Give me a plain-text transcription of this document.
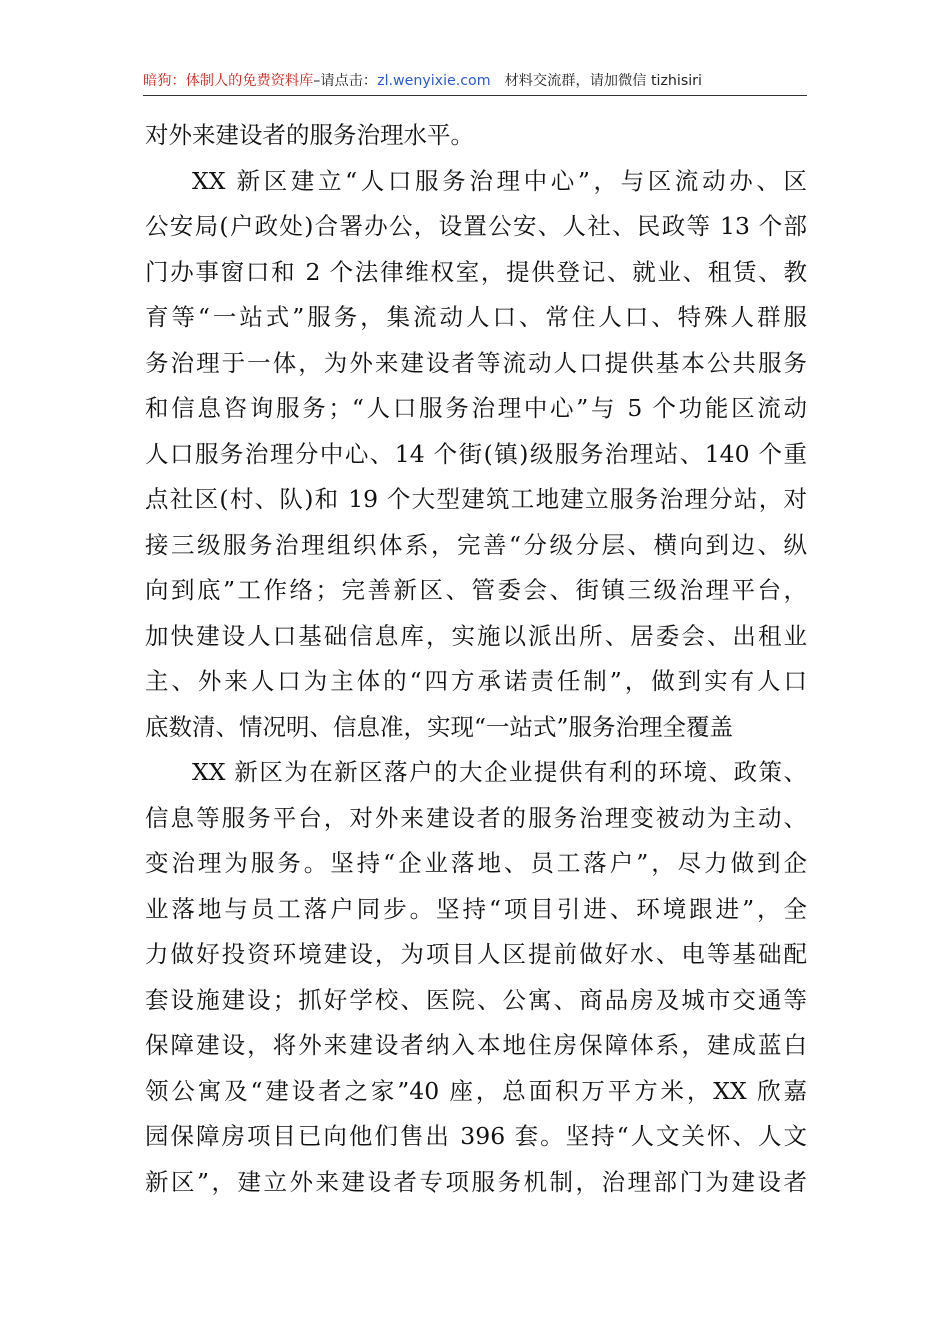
暗狗：体制人的免费资料库–请点击：zl.wenyixie.com 材料交流群，请加微信 tizhisiri
对外来建设者的服务治理水平。
XX 新区建立“人口服务治理中心”，与区流动办、区
公安局(户政处)合署办公，设置公安、人社、民政等 13 个部
门办事窗口和 2 个法律维权室，提供登记、就业、租赁、教
育等“一站式”服务，集流动人口、常住人口、特殊人群服
务治理于一体，为外来建设者等流动人口提供基本公共服务
和信息咨询服务；“人口服务治理中心”与 5 个功能区流动
人口服务治理分中心、14 个街(镇)级服务治理站、140 个重
点社区(村、队)和 19 个大型建筑工地建立服务治理分站，对
接三级服务治理组织体系，完善“分级分层、横向到边、纵
向到底”工作络；完善新区、管委会、街镇三级治理平台，
加快建设人口基础信息库，实施以派出所、居委会、出租业
主、外来人口为主体的“四方承诺责任制”，做到实有人口
底数清、情况明、信息准，实现“一站式”服务治理全覆盖
XX 新区为在新区落户的大企业提供有利的环境、政策、
信息等服务平台，对外来建设者的服务治理变被动为主动、
变治理为服务。坚持“企业落地、员工落户”，尽力做到企
业落地与员工落户同步。坚持“项目引进、环境跟进”，全
力做好投资环境建设，为项目人区提前做好水、电等基础配
套设施建设；抓好学校、医院、公寓、商品房及城市交通等
保障建设，将外来建设者纳入本地住房保障体系，建成蓝白
领公寓及“建设者之家”40 座，总面积万平方米，XX 欣嘉
园保障房项目已向他们售出 396 套。坚持“人文关怀、人文
新区”，建立外来建设者专项服务机制，治理部门为建设者
